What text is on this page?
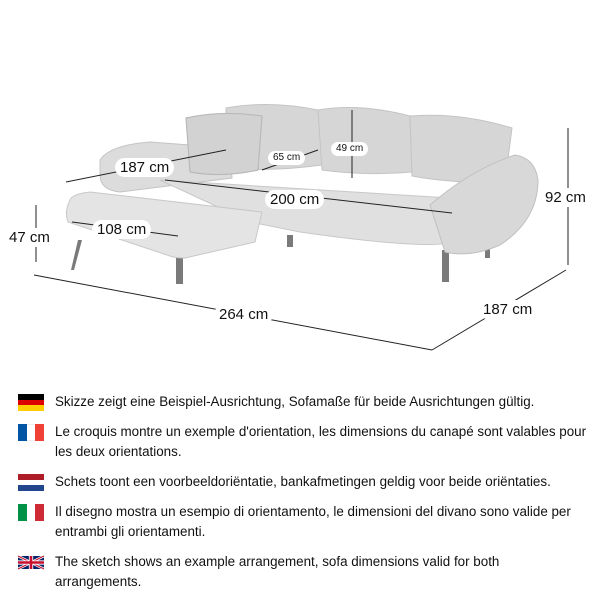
187 cm
49 cm
65 cm
200 cm	92 cm
47 cm	108 cm
264 cm	187 cm
Skizze zeigt eine Beispiel-Ausrichtung, Sofamaße für beide Ausrichtungen gültig.
Le croquis montre un exemple d'orientation, les dimensions du canapé sont valables pour les deux orientations.
Schets toont een voorbeeldoriëntatie, bankafmetingen geldig voor beide oriëntaties.
Il disegno mostra un esempio di orientamento, le dimensioni del divano sono valide per entrambi gli orientamenti.
The sketch shows an example arrangement, sofa dimensions valid for both arrangements.
